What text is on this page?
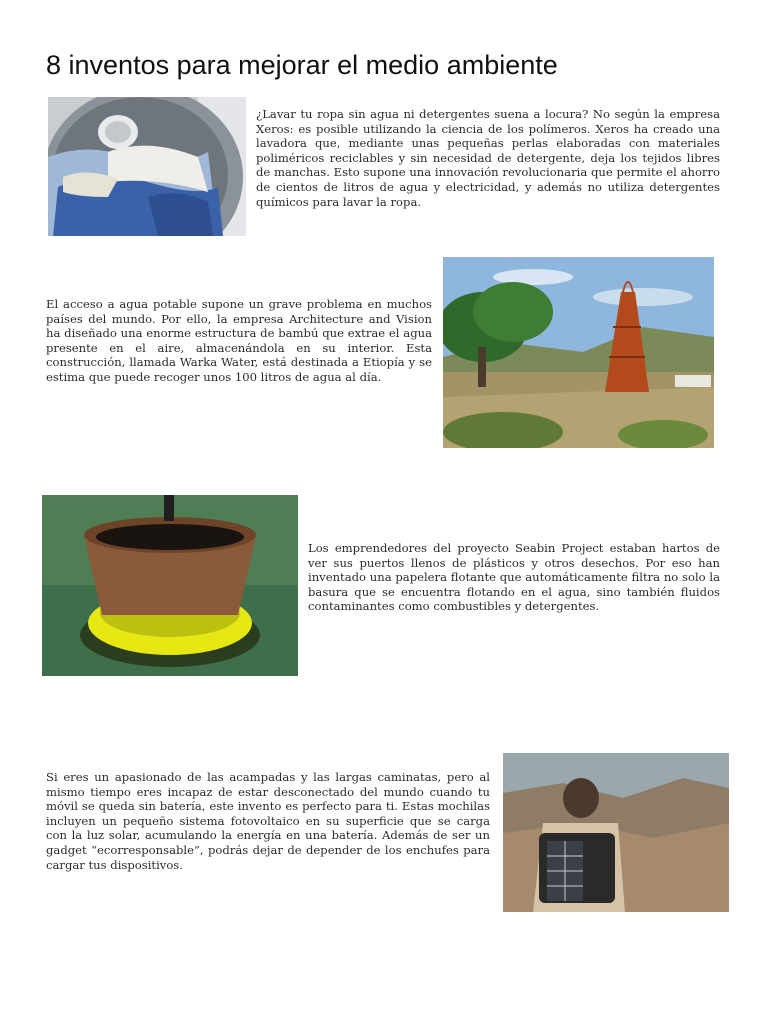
8 inventos para mejorar el medio ambiente
¿Lavar tu ropa sin agua ni detergentes suena a locura? No según la empresa Xeros: es posible utilizando la ciencia de los polímeros. Xeros ha creado una lavadora que, mediante unas pequeñas perlas elaboradas con materiales poliméricos reciclables y sin necesidad de detergente, deja los tejidos libres de manchas. Esto supone una innovación revolucionaria que permite el ahorro de cientos de litros de agua y electricidad, y además no utiliza detergentes químicos para lavar la ropa.
El acceso a agua potable supone un grave problema en muchos países del mundo. Por ello, la empresa Architecture and Vision ha diseñado una enorme estructura de bambú que extrae el agua presente en el aire, almacenándola en su interior. Esta construcción, llamada Warka Water, está destinada a Etiopía y se estima que puede recoger unos 100 litros de agua al día.
Los emprendedores del proyecto Seabin Project estaban hartos de ver sus puertos llenos de plásticos y otros desechos. Por eso han inventado una papelera flotante que automáticamente filtra no solo la basura que se encuentra flotando en el agua, sino también fluidos contaminantes como combustibles y detergentes.
Si eres un apasionado de las acampadas y las largas caminatas, pero al mismo tiempo eres incapaz de estar desconectado del mundo cuando tu móvil se queda sin batería, este invento es perfecto para ti. Estas mochilas incluyen un pequeño sistema fotovoltaico en su superficie que se carga con la luz solar, acumulando la energía en una batería. Además de ser un gadget “ecorresponsable”, podrás dejar de depender de los enchufes para cargar tus dispositivos.
